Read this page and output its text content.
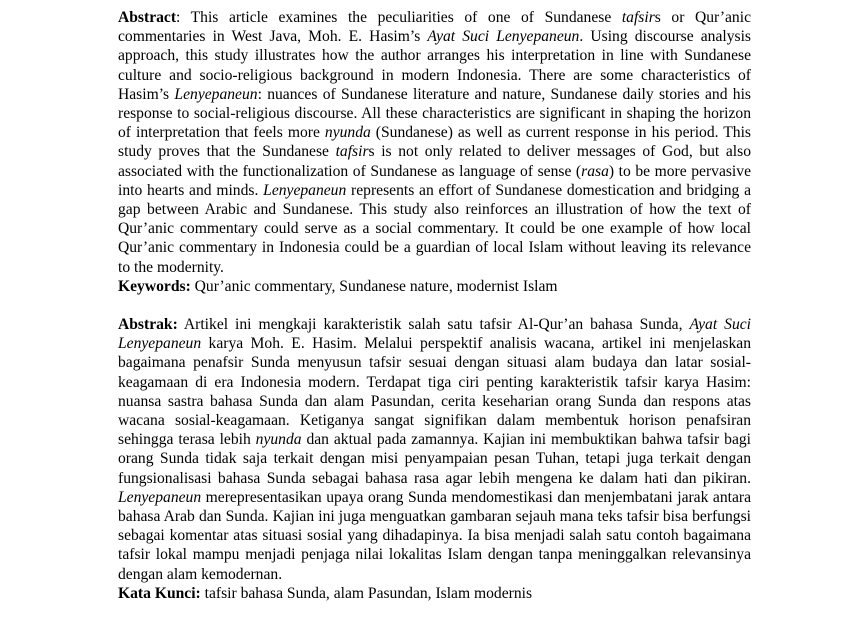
Abstract: This article examines the peculiarities of one of Sundanese tafsirs or Qur’anic commentaries in West Java, Moh. E. Hasim’s Ayat Suci Lenyepaneun. Using discourse analysis approach, this study illustrates how the author arranges his interpretation in line with Sundanese culture and socio-religious background in modern Indonesia. There are some characteristics of Hasim’s Lenyepaneun: nuances of Sundanese literature and nature, Sundanese daily stories and his response to social-religious discourse. All these characteristics are significant in shaping the horizon of interpretation that feels more nyunda (Sundanese) as well as current response in his period. This study proves that the Sundanese tafsirs is not only related to deliver messages of God, but also associated with the functionalization of Sundanese as language of sense (rasa) to be more pervasive into hearts and minds. Lenyepaneun represents an effort of Sundanese domestication and bridging a gap between Arabic and Sundanese. This study also reinforces an illustration of how the text of Qur’anic commentary could serve as a social commentary. It could be one example of how local Qur’anic commentary in Indonesia could be a guardian of local Islam without leaving its relevance to the modernity.

Keywords: Qur’anic commentary, Sundanese nature, modernist Islam

Abstrak: Artikel ini mengkaji karakteristik salah satu tafsir Al-Qur’an bahasa Sunda, Ayat Suci Lenyepaneun karya Moh. E. Hasim. Melalui perspektif analisis wacana, artikel ini menjelaskan bagaimana penafsir Sunda menyusun tafsir sesuai dengan situasi alam budaya dan latar sosial-keagamaan di era Indonesia modern. Terdapat tiga ciri penting karakteristik tafsir karya Hasim: nuansa sastra bahasa Sunda dan alam Pasundan, cerita keseharian orang Sunda dan respons atas wacana sosial-keagamaan. Ketiganya sangat signifikan dalam membentuk horison penafsiran sehingga terasa lebih nyunda dan aktual pada zamannya. Kajian ini membuktikan bahwa tafsir bagi orang Sunda tidak saja terkait dengan misi penyampaian pesan Tuhan, tetapi juga terkait dengan fungsionalisasi bahasa Sunda sebagai bahasa rasa agar lebih mengena ke dalam hati dan pikiran. Lenyepaneun merepresentasikan upaya orang Sunda mendomestikasi dan menjembatani jarak antara bahasa Arab dan Sunda. Kajian ini juga menguatkan gambaran sejauh mana teks tafsir bisa berfungsi sebagai komentar atas situasi sosial yang dihadapinya. Ia bisa menjadi salah satu contoh bagaimana tafsir lokal mampu menjadi penjaga nilai lokalitas Islam dengan tanpa meninggalkan relevansinya dengan alam kemodernan.

Kata Kunci: tafsir bahasa Sunda, alam Pasundan, Islam modernis
